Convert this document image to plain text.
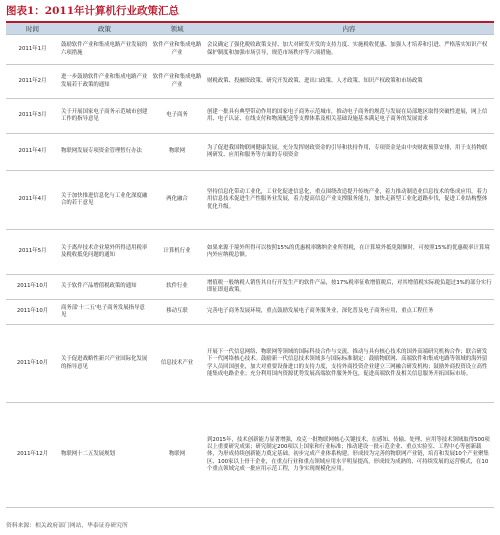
图表1：2011年计算机行业政策汇总
时间	政策	领域	内容
2011年1月	鼓励软件产业和集成电路产业发展的六项措施	软件产业和集成电路产业	会议确定了强化税收政策支持、加大对研发开发的支持力度、实施税收优惠、加强人才培养和引进、严格落实知识产权保护制度和加强市场引导，规范市场秩序等六项措施。
2011年2月	进一步鼓励软件产业和集成电路产业发展若干政策的通知	软件产业和集成电路产业	财税政策、投融资政策、研究开发政策、进出口政策、人才政策、知识产权政策和市场政策
2011年3月	关于开展国家电子商务示范城市创建工作的指导意见	电子商务	创建一批具有典型带动作用的国家电子商务示范城市，推动电子商务的规范与发展在局部地区取得突破性进展，网上信用、电子认证、在线支付和物流配送等支撑体系及相关基础设施基本满足电子商务的发展需求
2011年4月	物联网发展专项资金管理暂行办法	物联网	为了促进我国物联网健康发展，充分发挥财政资金的引导和扶持作用，专项资金是由中央财政预算安排，用于支持物联网研发、应用和服务等方面的专项资金
2011年4月	关于加快推进信息化与工业化深度融合的若干意见	两化融合	坚持信息化带动工业化，工业化促进信息化，重点围绕改造提升传统产业，着力推动制造业信息技术的集成应用，着力用信息技术促进生产性服务业发展，着力提高信息产业支撑服务能力，加快走新型工业化道路步伐，促进工业结构整体优化升级。
2011年5月	关于离岸技术企业境外所得适用税率及税收抵免问题的通知	计算机行业	如果来源于境外所得可以按照15%的优惠税率缴纳企业所得税，在计算境外抵免限额时，可按照15%的优惠税率计算境内外应纳税总额。
2011年10月	关于软件产品增值税政策的通知	软件行业	增值税一般纳税人销售其自行开发生产的软件产品，按17%税率征收增值税后，对其增值税实际税负超过3%的部分实行即征即退政策。
2011年10月	商务部'十二五'电子商务发展指导意见	移动互联	完善电子商务发展环境，重点鼓励发展电子商务服务业，深化普及电子商务应用，重点工程任务
2011年10月	关于促进战略性新兴产业国际化发展的指导意见	信息技术产业	开展下一代信息网络、物联网等领域的国际科技合作与交流，推动与具有核心技术的国外高端研究机构合作；联合研发下一代网络核心技术。鼓励新一代信息技术领域多与国际标准制定：鼓励物联网、高端软件和集成电路等领域的海外留学人员回国创业，加大对重要设备进口的支持力度，支持外商投资企业建立三网融合研发机构；鼓励外商投资设立高性能集成电路企业；充分利用国内资源优势发展高端软件服务外包，促进高端软件及相关信息服务开拓国际市场。
2011年12月	物联网十二五发展规划	物联网	到2015年，技术创新能力显著增强，攻克一批物联网核心关键技术，在感知、传输、处理、应用等技术领域取得500项以上重要研究成果；研究制定200项以上国家和行业标准；推动建设一批示范企业、重点实验室、工程中心等创新载体，为形成持续创新能力奠定基础。初步完成产业体系构建，形成较为完善的物联网产业链，培育和发展10个产业聚集区、100家以上骨干企业，在重点行业和重点领域应用水平明显提高，形成较为成熟的、可持续发展的运营模式，在10个重点领域完成一批应用示范工程，力争实现规模化应用。
资料来源：相关政府部门网站，华泰证券研究所
